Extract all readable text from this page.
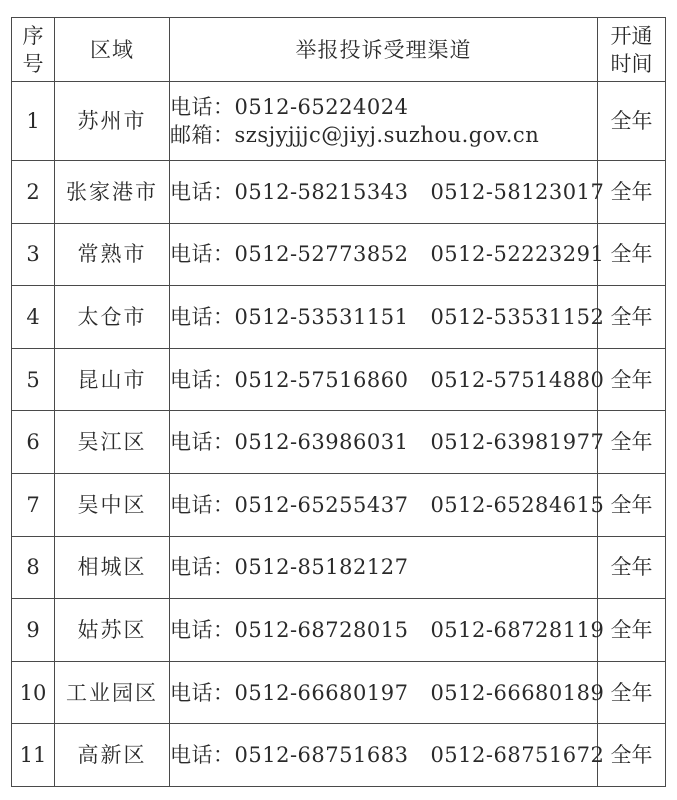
序
号	区域	举报投诉受理渠道	开通
时间

1	苏州市	电话：0512-65224024
邮箱：szsjyjjjc@jiyj.suzhou.gov.cn	全年
2	张家港市	电话：0512-58215343 0512-58123017	全年
3	常熟市	电话：0512-52773852 0512-52223291	全年
4	太仓市	电话：0512-53531151 0512-53531152	全年
5	昆山市	电话：0512-57516860 0512-57514880	全年
6	吴江区	电话：0512-63986031 0512-63981977	全年
7	吴中区	电话：0512-65255437 0512-65284615	全年
8	相城区	电话：0512-85182127	全年
9	姑苏区	电话：0512-68728015 0512-68728119	全年
10	工业园区	电话：0512-66680197 0512-66680189	全年
11	高新区	电话：0512-68751683 0512-68751672	全年
